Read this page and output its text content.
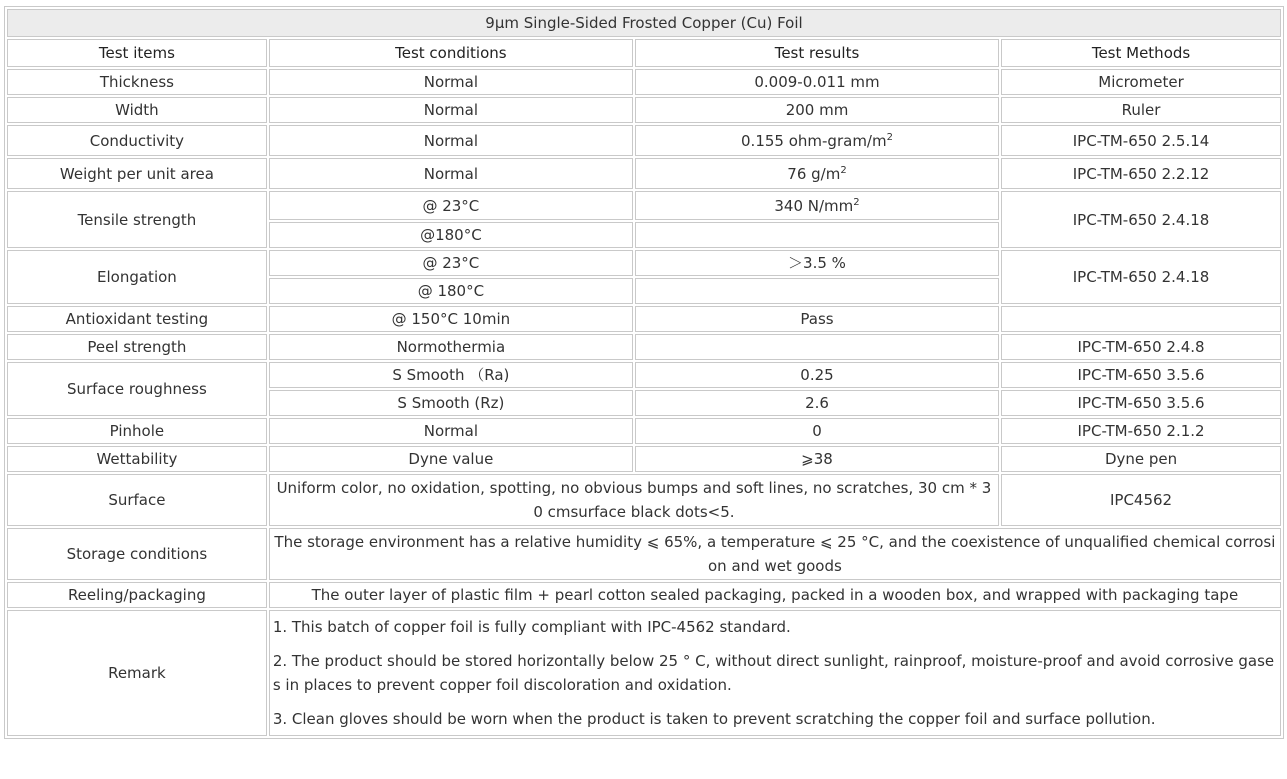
9µm Single-Sided Frosted Copper (Cu) Foil			
Test items	Test conditions	Test results	Test Methods
Thickness	Normal	0.009-0.011 mm	Micrometer
Width	Normal	200 mm	Ruler
Conductivity	Normal	0.155 ohm-$gram/m^2$	IPC-TM-650 2.5.14
Weight per unit area	Normal	76 $g/m^2$	IPC-TM-650 2.2.12
Tensile strength	@ 23°C	340 $N/mm^2$	IPC-TM-650 2.4.18
	@180°C		
Elongation	@ 23°C	＞3.5 %	IPC-TM-650 2.4.18
	@ 180°C		
Antioxidant testing	@ 150°C 10min	Pass	
Peel strength	Normothermia		IPC-TM-650 2.4.8
Surface roughness	S Smooth （Ra)	0.25	IPC-TM-650 3.5.6
	S Smooth (Rz)	2.6	IPC-TM-650 3.5.6
Pinhole	Normal	0	IPC-TM-650 2.1.2
Wettability	Dyne value	⩾38	Dyne pen
Surface	Uniform color, no oxidation, spotting, no obvious bumps and soft lines, no scratches, 30 cm * 30 cmsurface black dots<5.		IPC4562
Storage conditions	The storage environment has a relative humidity ⩽ 65%, a temperature ⩽ 25 °C, and the coexistence of unqualified chemical corrosion and wet goods		
Reeling/packaging	The outer layer of plastic film + pearl cotton sealed packaging, packed in a wooden box, and wrapped with packaging tape		
Remark	1. This batch of copper foil is fully compliant with IPC-4562 standard.

2. The product should be stored horizontally below 25 ° C, without direct sunlight, rainproof, moisture-proof and avoid corrosive gases in places to prevent copper foil discoloration and oxidation.

3. Clean gloves should be worn when the product is taken to prevent scratching the copper foil and surface pollution.		
